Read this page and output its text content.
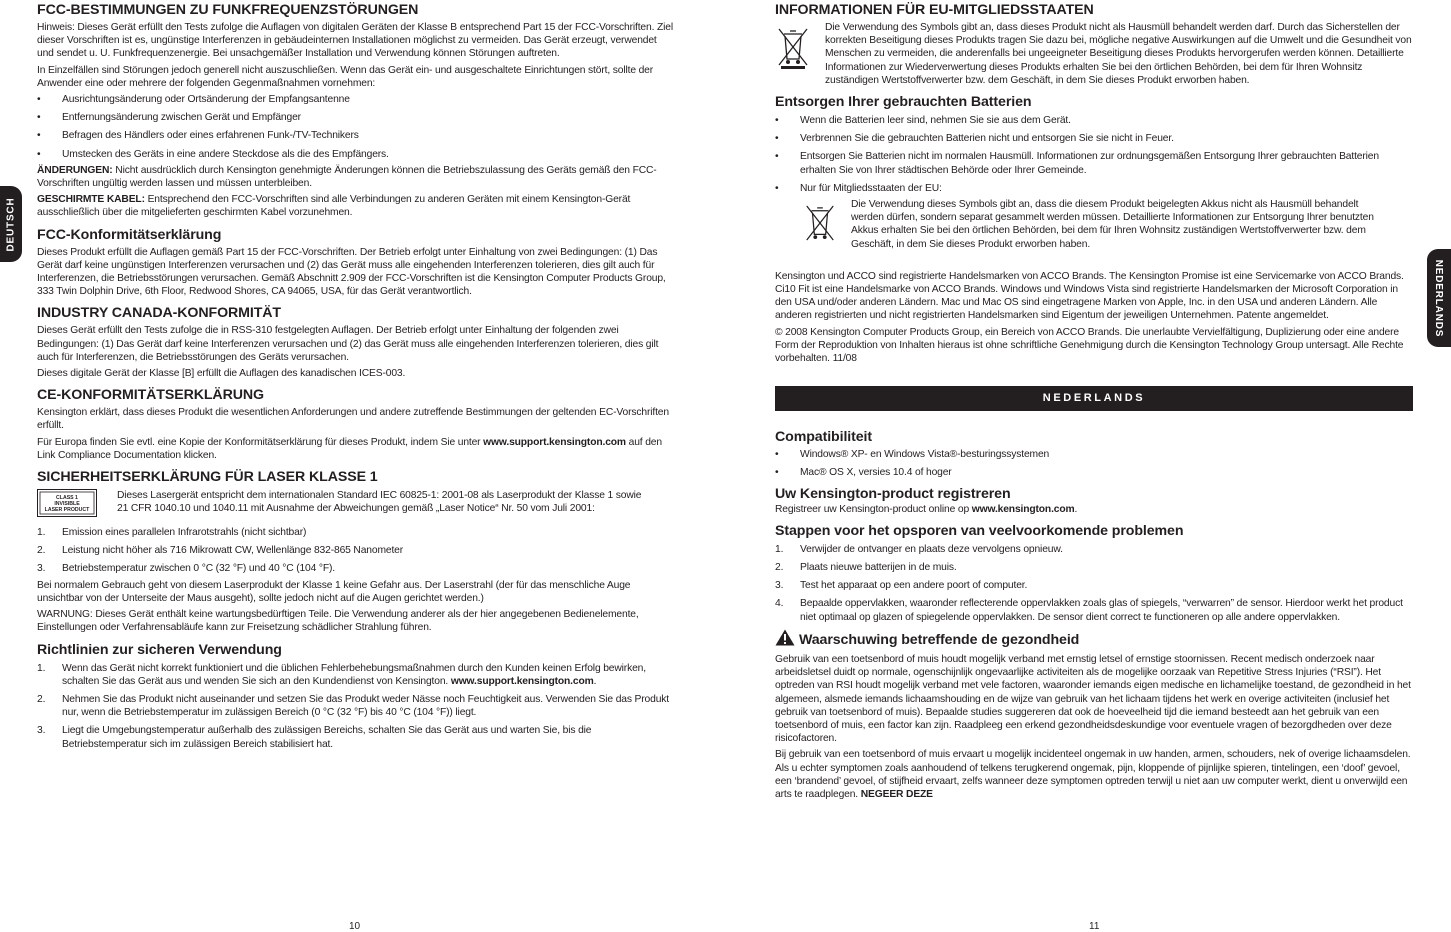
DEUTSCH
NEDERLANDS
FCC-BESTIMMUNGEN ZU FUNKFREQUENZSTÖRUNGEN

Hinweis: Dieses Gerät erfüllt den Tests zufolge die Auflagen von digitalen Geräten der Klasse B entsprechend Part 15 der FCC-Vorschriften. Ziel dieser Vorschriften ist es, ungünstige Interferenzen in gebäudeinternen Installationen möglichst zu vermeiden. Das Gerät erzeugt, verwendet und sendet u. U. Funkfrequenzenergie. Bei unsachgemäßer Installation und Verwendung können Störungen auftreten.

In Einzelfällen sind Störungen jedoch generell nicht auszuschließen. Wenn das Gerät ein- und ausgeschaltete Einrichtungen stört, sollte der Anwender eine oder mehrere der folgenden Gegenmaßnahmen vornehmen:

• Ausrichtungsänderung oder Ortsänderung der Empfangsantenne
• Entfernungsänderung zwischen Gerät und Empfänger
• Befragen des Händlers oder eines erfahrenen Funk-/TV-Technikers
• Umstecken des Geräts in eine andere Steckdose als die des Empfängers.

ÄNDERUNGEN: Nicht ausdrücklich durch Kensington genehmigte Änderungen können die Betriebszulassung des Geräts gemäß den FCC-Vorschriften ungültig werden lassen und müssen unterbleiben.

GESCHIRMTE KABEL: Entsprechend den FCC-Vorschriften sind alle Verbindungen zu anderen Geräten mit einem Kensington-Gerät ausschließlich über die mitgelieferten geschirmten Kabel vorzunehmen.

FCC-Konformitätserklärung

Dieses Produkt erfüllt die Auflagen gemäß Part 15 der FCC-Vorschriften. Der Betrieb erfolgt unter Einhaltung von zwei Bedingungen: (1) Das Gerät darf keine ungünstigen Interferenzen verursachen und (2) das Gerät muss alle eingehenden Interferenzen tolerieren, dies gilt auch für Interferenzen, die Betriebsstörungen verursachen. Gemäß Abschnitt 2.909 der FCC-Vorschriften ist die Kensington Computer Products Group, 333 Twin Dolphin Drive, 6th Floor, Redwood Shores, CA 94065, USA, für das Gerät verantwortlich.

INDUSTRY CANADA-KONFORMITÄT

Dieses Gerät erfüllt den Tests zufolge die in RSS-310 festgelegten Auflagen. Der Betrieb erfolgt unter Einhaltung der folgenden zwei Bedingungen: (1) Das Gerät darf keine Interferenzen verursachen und (2) das Gerät muss alle eingehenden Interferenzen tolerieren, dies gilt auch für Interferenzen, die Betriebsstörungen des Geräts verursachen.

Dieses digitale Gerät der Klasse [B] erfüllt die Auflagen des kanadischen ICES-003.

CE-KONFORMITÄTSERKLÄRUNG

Kensington erklärt, dass dieses Produkt die wesentlichen Anforderungen und andere zutreffende Bestimmungen der geltenden EC-Vorschriften erfüllt.

Für Europa finden Sie evtl. eine Kopie der Konformitätserklärung für dieses Produkt, indem Sie unter www.support.kensington.com auf den Link Compliance Documentation klicken.

SICHERHEITSERKLÄRUNG FÜR LASER KLASSE 1
CLASS 1
INVISIBLE
LASER PRODUCT

Dieses Lasergerät entspricht dem internationalen Standard IEC 60825-1: 2001-08 als Laserprodukt der Klasse 1 sowie 21 CFR 1040.10 und 1040.11 mit Ausnahme der Abweichungen gemäß „Laser Notice“ Nr. 50 vom Juli 2001:

1. Emission eines parallelen Infrarotstrahls (nicht sichtbar)
2. Leistung nicht höher als 716 Mikrowatt CW, Wellenlänge 832-865 Nanometer
3. Betriebstemperatur zwischen 0 °C (32 °F) und 40 °C (104 °F).

Bei normalem Gebrauch geht von diesem Laserprodukt der Klasse 1 keine Gefahr aus. Der Laserstrahl (der für das menschliche Auge unsichtbar von der Unterseite der Maus ausgeht), sollte jedoch nicht auf die Augen gerichtet werden.)

WARNUNG: Dieses Gerät enthält keine wartungsbedürftigen Teile. Die Verwendung anderer als der hier angegebenen Bedienelemente, Einstellungen oder Verfahrensabläufe kann zur Freisetzung schädlicher Strahlung führen.

Richtlinien zur sicheren Verwendung
1. Wenn das Gerät nicht korrekt funktioniert und die üblichen Fehlerbehebungsmaßnahmen durch den Kunden keinen Erfolg bewirken, schalten Sie das Gerät aus und wenden Sie sich an den Kundendienst von Kensington. www.support.kensington.com.
2. Nehmen Sie das Produkt nicht auseinander und setzen Sie das Produkt weder Nässe noch Feuchtigkeit aus. Verwenden Sie das Produkt nur, wenn die Betriebstemperatur im zulässigen Bereich (0 °C (32 °F) bis 40 °C (104 °F)) liegt.
3. Liegt die Umgebungstemperatur außerhalb des zulässigen Bereichs, schalten Sie das Gerät aus und warten Sie, bis die Betriebstemperatur sich im zulässigen Bereich stabilisiert hat.
10
INFORMATIONEN FÜR EU-MITGLIEDSSTAATEN

Die Verwendung des Symbols gibt an, dass dieses Produkt nicht als Hausmüll behandelt werden darf. Durch das Sicherstellen der korrekten Beseitigung dieses Produkts tragen Sie dazu bei, mögliche negative Auswirkungen auf die Umwelt und die Gesundheit von Menschen zu vermeiden, die anderenfalls bei ungeeigneter Beseitigung dieses Produkts hervorgerufen werden können. Detaillierte Informationen zur Wiederverwertung dieses Produkts erhalten Sie bei den örtlichen Behörden, bei dem für Ihren Wohnsitz zuständigen Wertstoffverwerter bzw. dem Geschäft, in dem Sie dieses Produkt erworben haben.

Entsorgen Ihrer gebrauchten Batterien
• Wenn die Batterien leer sind, nehmen Sie sie aus dem Gerät.
• Verbrennen Sie die gebrauchten Batterien nicht und entsorgen Sie sie nicht in Feuer.
• Entsorgen Sie Batterien nicht im normalen Hausmüll. Informationen zur ordnungsgemäßen Entsorgung Ihrer gebrauchten Batterien erhalten Sie von Ihrer städtischen Behörde oder Ihrer Gemeinde.
• Nur für Mitgliedsstaaten der EU:

Die Verwendung dieses Symbols gibt an, dass die diesem Produkt beigelegten Akkus nicht als Hausmüll behandelt werden dürfen, sondern separat gesammelt werden müssen. Detaillierte Informationen zur Entsorgung Ihrer benutzten Akkus erhalten Sie bei den örtlichen Behörden, bei dem für Ihren Wohnsitz zuständigen Wertstoffverwerter bzw. dem Geschäft, in dem Sie dieses Produkt erworben haben.

Kensington und ACCO sind registrierte Handelsmarken von ACCO Brands. The Kensington Promise ist eine Servicemarke von ACCO Brands. Ci10 Fit ist eine Handelsmarke von ACCO Brands. Windows und Windows Vista sind registrierte Handelsmarken der Microsoft Corporation in den USA und/oder anderen Ländern. Mac und Mac OS sind eingetragene Marken von Apple, Inc. in den USA und anderen Ländern. Alle anderen registrierten und nicht registrierten Handelsmarken sind Eigentum der jeweiligen Unternehmen. Patente angemeldet.

© 2008 Kensington Computer Products Group, ein Bereich von ACCO Brands. Die unerlaubte Vervielfältigung, Duplizierung oder eine andere Form der Reproduktion von Inhalten hieraus ist ohne schriftliche Genehmigung durch die Kensington Technology Group untersagt. Alle Rechte vorbehalten. 11/08

NEDERLANDS
Compatibiliteit
• Windows® XP- en Windows Vista®-besturingssystemen
• Mac® OS X, versies 10.4 of hoger
Uw Kensington-product registreren

Registreer uw Kensington-product online op www.kensington.com.

Stappen voor het opsporen van veelvoorkomende problemen
1. Verwijder de ontvanger en plaats deze vervolgens opnieuw.
2. Plaats nieuwe batterijen in de muis.
3. Test het apparaat op een andere poort of computer.
4. Bepaalde oppervlakken, waaronder reflecterende oppervlakken zoals glas of spiegels, “verwarren” de sensor. Hierdoor werkt het product niet optimaal op glazen of spiegelende oppervlakken. De sensor dient correct te functioneren op alle andere oppervlakken.
Waarschuwing betreffende de gezondheid

Gebruik van een toetsenbord of muis houdt mogelijk verband met ernstig letsel of ernstige stoornissen. Recent medisch onderzoek naar arbeidsletsel duidt op normale, ogenschijnlijk ongevaarlijke activiteiten als de mogelijke oorzaak van Repetitive Stress Injuries (“RSI”). Het optreden van RSI houdt mogelijk verband met vele factoren, waaronder iemands eigen medische en lichamelijke toestand, de gezondheid in het algemeen, alsmede iemands lichaamshouding en de wijze van gebruik van het lichaam tijdens het werk en overige activiteiten (inclusief het gebruik van toetsenbord of muis). Bepaalde studies suggereren dat ook de hoeveelheid tijd die iemand besteedt aan het gebruik van een toetsenbord of muis, een factor kan zijn. Raadpleeg een erkend gezondheidsdeskundige voor eventuele vragen of bezorgdheden over deze risicofactoren.

Bij gebruik van een toetsenbord of muis ervaart u mogelijk incidenteel ongemak in uw handen, armen, schouders, nek of overige lichaamsdelen. Als u echter symptomen zoals aanhoudend of telkens terugkerend ongemak, pijn, kloppende of pijnlijke spieren, tintelingen, een ‘doof’ gevoel, een ‘brandend’ gevoel, of stijfheid ervaart, zelfs wanneer deze symptomen optreden terwijl u niet aan uw computer werkt, dient u onverwijld een arts te raadplegen. NEGEER DEZE

11
